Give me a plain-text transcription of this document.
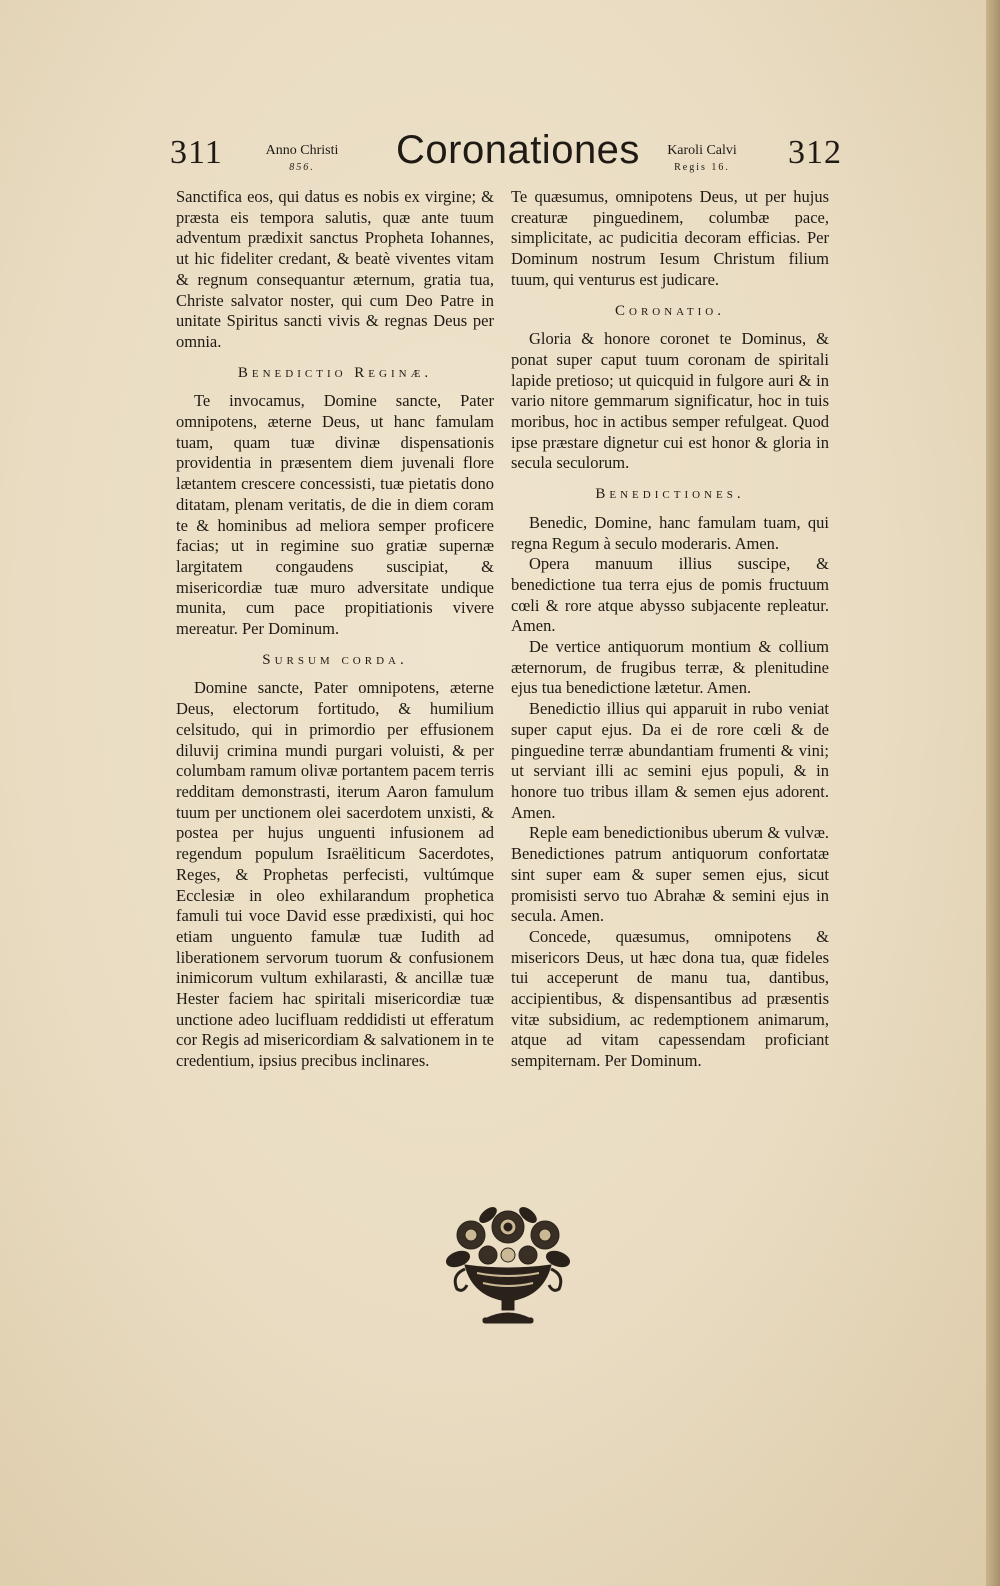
311	Anno Christi
856.	Coronationes	Karoli Calvi
Regis 16.	312

Sanctifica eos, qui datus es nobis ex virgine; & præsta eis tempora salutis, quæ ante tuum adventum prædixit sanctus Propheta Iohannes, ut hic fideliter credant, & beatè viventes vitam & regnum consequantur æternum, gratia tua, Christe salvator noster, qui cum Deo Patre in unitate Spiritus sancti vivis & regnas Deus per omnia.

Benedictio Reginæ.

Te invocamus, Domine sancte, Pater omnipotens, æterne Deus, ut hanc famulam tuam, quam tuæ divinæ dispensationis providentia in præsentem diem juvenali flore lætantem crescere concessisti, tuæ pietatis dono ditatam, plenam veritatis, de die in diem coram te & hominibus ad meliora semper proficere facias; ut in regimine suo gratiæ supernæ largitatem congaudens suscipiat, & misericordiæ tuæ muro adversitate undique munita, cum pace propitiationis vivere mereatur. Per Dominum.

Sursum corda.

Domine sancte, Pater omnipotens, æterne Deus, electorum fortitudo, & humilium celsitudo, qui in primordio per effusionem diluvij crimina mundi purgari voluisti, & per columbam ramum olivæ portantem pacem terris redditam demonstrasti, iterum Aaron famulum tuum per unctionem olei sacerdotem unxisti, & postea per hujus unguenti infusionem ad regendum populum Israëliticum Sacerdotes, Reges, & Prophetas perfecisti, vultúmque Ecclesiæ in oleo exhilarandum prophetica famuli tui voce David esse prædixisti, qui hoc etiam unguento famulæ tuæ Iudith ad liberationem servorum tuorum & confusionem inimicorum vultum exhilarasti, & ancillæ tuæ Hester faciem hac spiritali misericordiæ tuæ unctione adeo lucifluam reddidisti ut efferatum cor Regis ad misericordiam & salvationem in te credentium, ipsius precibus inclinares.

Te quæsumus, omnipotens Deus, ut per hujus creaturæ pinguedinem, columbæ pace, simplicitate, ac pudicitia decoram efficias. Per Dominum nostrum Iesum Christum filium tuum, qui venturus est judicare.

Coronatio.

Gloria & honore coronet te Dominus, & ponat super caput tuum coronam de spiritali lapide pretioso; ut quicquid in fulgore auri & in vario nitore gemmarum significatur, hoc in tuis moribus, hoc in actibus semper refulgeat. Quod ipse præstare dignetur cui est honor & gloria in secula seculorum.

Benedictiones.

Benedic, Domine, hanc famulam tuam, qui regna Regum à seculo moderaris. Amen.

Opera manuum illius suscipe, & benedictione tua terra ejus de pomis fructuum cœli & rore atque abysso subjacente repleatur. Amen.

De vertice antiquorum montium & collium æternorum, de frugibus terræ, & plenitudine ejus tua benedictione lætetur. Amen.

Benedictio illius qui apparuit in rubo veniat super caput ejus. Da ei de rore cœli & de pinguedine terræ abundantiam frumenti & vini; ut serviant illi ac semini ejus populi, & in honore tuo tribus illam & semen ejus adorent. Amen.

Reple eam benedictionibus uberum & vulvæ. Benedictiones patrum antiquorum confortatæ sint super eam & super semen ejus, sicut promisisti servo tuo Abrahæ & semini ejus in secula. Amen.

Concede, quæsumus, omnipotens & misericors Deus, ut hæc dona tua, quæ fideles tui acceperunt de manu tua, dantibus, accipientibus, & dispensantibus ad præsentis vitæ subsidium, ac redemptionem animarum, atque ad vitam capessendam proficiant sempiternam. Per Dominum.
